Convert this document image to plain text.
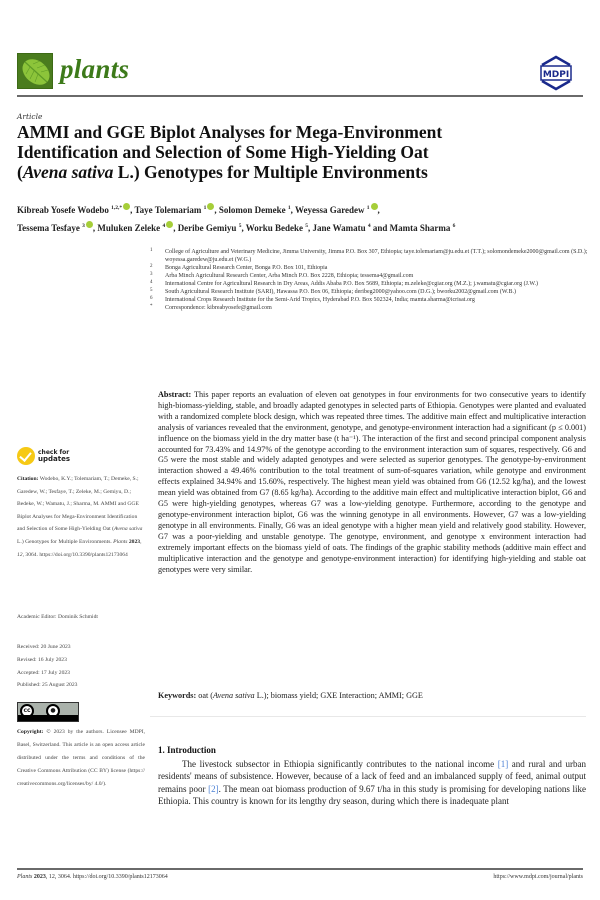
plants	MDPI
Article
AMMI and GGE Biplot Analyses for Mega-Environment
Identification and Selection of Some High-Yielding Oat
(Avena sativa L.) Genotypes for Multiple Environments
Kibreab Yosefe Wodebo $^{1,2,*}$ , Taye Tolemariam $^1$ , Solomon Demeke $^1$, Weyessa Garedew $^1$ ,
Tessema Tesfaye $^3$ , Muluken Zeleke $^4$ , Deribe Gemiyu $^5$, Worku Bedeke $^5$, Jane Wamatu $^4$ and Mamta Sharma $^6$
1 College of Agriculture and Veterinary Medicine, Jimma University, Jimma P.O. Box 307, Ethiopia; taye.tolemariam@ju.edu.et (T.T.); solomondemeke2000@gmail.com (S.D.); woyessa.garedew@ju.edu.et (W.G.)
2 Bonga Agricultural Research Center, Bonga P.O. Box 101, Ethiopia
3 Arba Minch Agricultural Research Center, Arba Minch P.O. Box 2228, Ethiopia; tessema4@gmail.com
4 International Centre for Agricultural Research in Dry Areas, Addis Ababa P.O. Box 5689, Ethiopia; m.zeleke@cgiar.org (M.Z.); j.wamatu@cgiar.org (J.W.)
5 South Agricultural Research Institute (SARI), Hawassa P.O. Box 06, Ethiopia; deribeg2000@yahoo.com (D.G.); bworku2002@gmail.com (W.B.)
6 International Crops Research Institute for the Semi-Arid Tropics, Hyderabad P.O. Box 502324, India; mamta.sharma@icrisat.org
* Correspondence: kibreabyosefe@gmail.com
Abstract: This paper reports an evaluation of eleven oat genotypes in four environments for two consecutive years to identify high-biomass-yielding, stable, and broadly adapted genotypes in selected parts of Ethiopia. Genotypes were planted and evaluated with a randomized complete block design, which was repeated three times. The additive main effect and multiplicative interaction analysis of variances revealed that the environment, genotype, and genotype-environment interaction had a significant (p ≤ 0.001) influence on the biomass yield in the dry matter base (t ha⁻¹). The interaction of the first and second principal component analysis accounted for 73.43% and 14.97% of the genotype according to the environment interaction sum of squares, respectively. G6 and G5 were the most stable and widely adapted genotypes and were selected as superior genotypes. The genotype-by-environment interaction showed a 49.46% contribution to the total treatment of sum-of-squares variation, while genotype and environment effects explained 34.94% and 15.60%, respectively. The highest mean yield was obtained from G6 (12.52 kg/ha), and the lowest mean yield was obtained from G7 (8.65 kg/ha). According to the additive main effect and multiplicative interaction biplot, G6 and G5 were high-yielding genotypes, whereas G7 was a low-yielding genotype. Furthermore, according to the genotype and genotype-environment interaction biplot, G6 was the winning genotype in all environments. However, G7 was a low-yielding genotype in all environments. Finally, G6 was an ideal genotype with a higher mean yield and relatively good stability. However, G7 was a poor-yielding and unstable genotype. The genotype, environment, and genotype x environment interaction had extremely important effects on the biomass yield of oats. The findings of the graphic stability methods (additive main effect and multiplicative interaction and the genotype and genotype-environment interaction) for identifying high-yielding and stable oat genotypes were very similar.
Keywords: oat (Avena sativa L.); biomass yield; GXE Interaction; AMMI; GGE
1. Introduction
The livestock subsector in Ethiopia significantly contributes to the national income [1] and rural and urban residents' means of subsistence. However, because of a lack of feed and an imbalanced supply of feed, animal output remains poor [2]. The mean oat biomass production of 9.67 t/ha in this study is promising for developing nations like Ethiopia. This country is known for its lengthy dry season, during which there is inadequate plant
check for
updates
Citation: Wodebo, K.Y.; Tolemariam, T.; Demeke, S.; Garedew, W.; Tesfaye, T.; Zeleke, M.; Gemiyu, D.; Bedeke, W.; Wamatu, J.; Sharma, M. AMMI and GGE Biplot Analyses for Mega-Environment Identification and Selection of Some High-Yielding Oat (Avena sativa L.) Genotypes for Multiple Environments. Plants 2023, 12, 3064. https://doi.org/10.3390/plants12173064
Academic Editor: Dominik Schmidt
Received: 20 June 2023
Revised: 16 July 2023
Accepted: 17 July 2023
Published: 25 August 2023
cc	●
Copyright: © 2023 by the authors. Licensee MDPI, Basel, Switzerland. This article is an open access article distributed under the terms and conditions of the Creative Commons Attribution (CC BY) license (https:// creativecommons.org/licenses/by/ 4.0/).
Plants 2023, 12, 3064. https://doi.org/10.3390/plants12173064	https://www.mdpi.com/journal/plants
